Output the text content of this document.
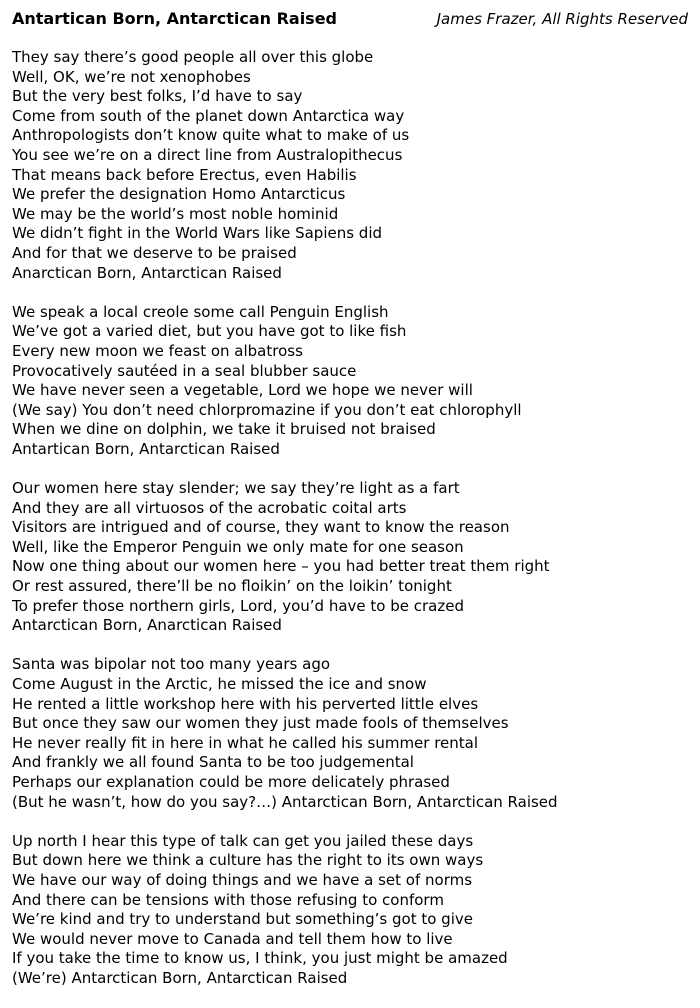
Antartican Born, Antarctican Raised	James Frazer, All Rights Reserved
They say there’s good people all over this globe
Well, OK, we’re not xenophobes
But the very best folks, I’d have to say
Come from south of the planet down Antarctica way
Anthropologists don’t know quite what to make of us
You see we’re on a direct line from Australopithecus
That means back before Erectus, even Habilis
We prefer the designation Homo Antarcticus
We may be the world’s most noble hominid
We didn’t fight in the World Wars like Sapiens did
And for that we deserve to be praised
Anarctican Born, Antarctican Raised
We speak a local creole some call Penguin English
We’ve got a varied diet, but you have got to like fish
Every new moon we feast on albatross
Provocatively sautéed in a seal blubber sauce
We have never seen a vegetable, Lord we hope we never will
(We say) You don’t need chlorpromazine if you don’t eat chlorophyll
When we dine on dolphin, we take it bruised not braised
Antartican Born, Antarctican Raised
Our women here stay slender; we say they’re light as a fart
And they are all virtuosos of the acrobatic coital arts
Visitors are intrigued and of course, they want to know the reason
Well, like the Emperor Penguin we only mate for one season
Now one thing about our women here – you had better treat them right
Or rest assured, there’ll be no floikin’ on the loikin’ tonight
To prefer those northern girls, Lord, you’d have to be crazed
Antarctican Born, Anarctican Raised
Santa was bipolar not too many years ago
Come August in the Arctic, he missed the ice and snow
He rented a little workshop here with his perverted little elves
But once they saw our women they just made fools of themselves
He never really fit in here in what he called his summer rental
And frankly we all found Santa to be too judgemental
Perhaps our explanation could be more delicately phrased
(But he wasn’t, how do you say?…) Antarctican Born, Antarctican Raised
Up north I hear this type of talk can get you jailed these days
But down here we think a culture has the right to its own ways
We have our way of doing things and we have a set of norms
And there can be tensions with those refusing to conform
We’re kind and try to understand but something’s got to give
We would never move to Canada and tell them how to live
If you take the time to know us, I think, you just might be amazed
(We’re) Antarctican Born, Antarctican Raised
